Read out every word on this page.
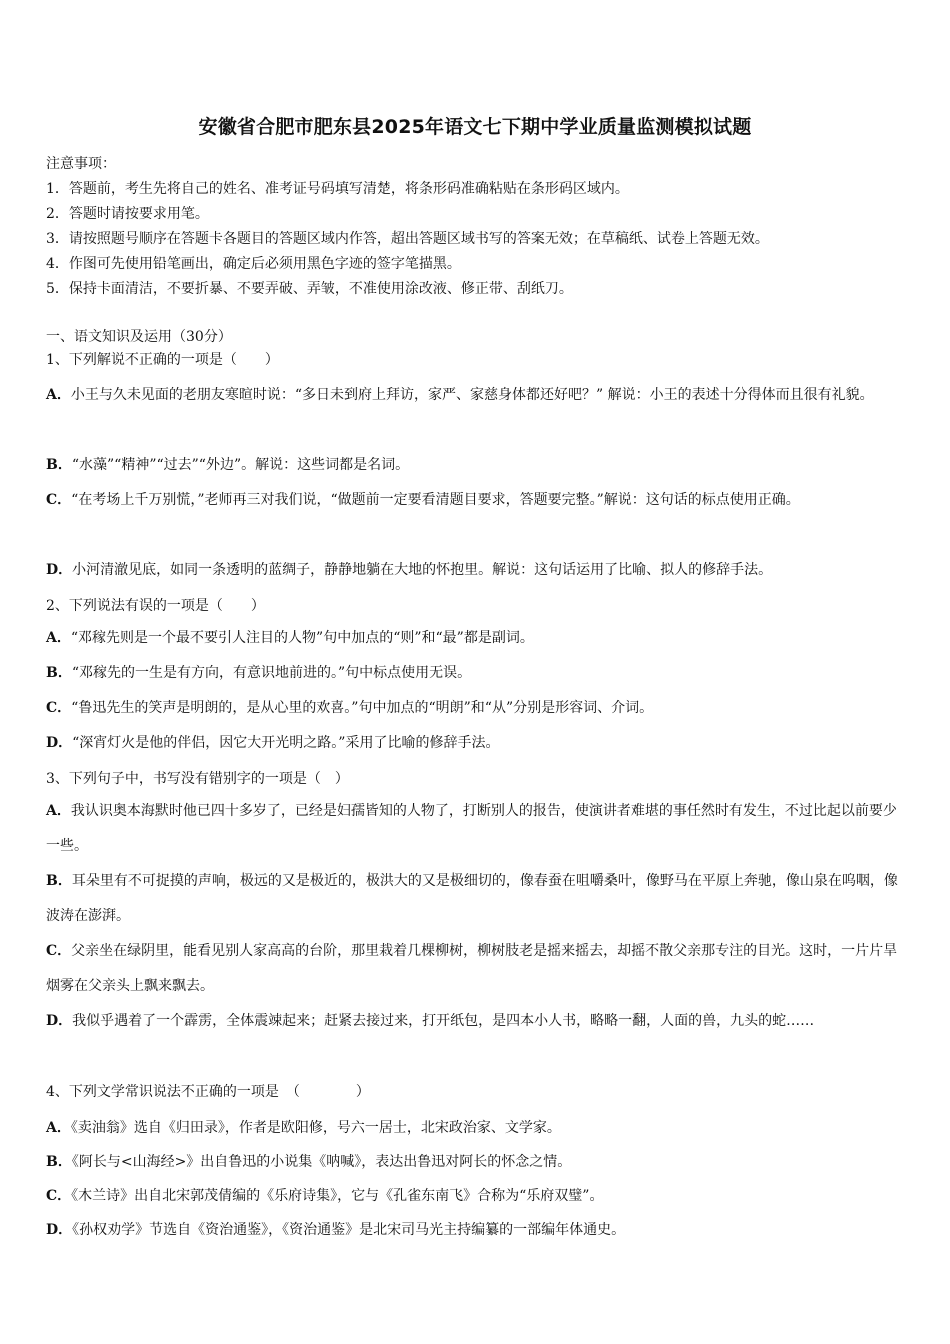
安徽省合肥市肥东县2025年语文七下期中学业质量监测模拟试题
注意事项：
1．答题前，考生先将自己的姓名、准考证号码填写清楚，将条形码准确粘贴在条形码区域内。
2．答题时请按要求用笔。
3．请按照题号顺序在答题卡各题目的答题区域内作答，超出答题区域书写的答案无效；在草稿纸、试卷上答题无效。
4．作图可先使用铅笔画出，确定后必须用黑色字迹的签字笔描黑。
5．保持卡面清洁，不要折暴、不要弄破、弄皱，不准使用涂改液、修正带、刮纸刀。
一、语文知识及运用（30分）
1、下列解说不正确的一项是（　　）
A．小王与久未见面的老朋友寒暄时说：“多日未到府上拜访，家严、家慈身体都还好吧？” 解说：小王的表述十分得体而且很有礼貌。
B．“水藻”“精神”“过去”“外边”。解说：这些词都是名词。
C．“在考场上千万别慌，”老师再三对我们说，“做题前一定要看清题目要求，答题要完整。”解说：这句话的标点使用正确。
D．小河清澈见底，如同一条透明的蓝绸子，静静地躺在大地的怀抱里。解说：这句话运用了比喻、拟人的修辞手法。
2、下列说法有误的一项是（　　）
A．“邓稼先则是一个最不要引人注目的人物”句中加点的“则”和“最”都是副词。
B．“邓稼先的一生是有方向，有意识地前进的。”句中标点使用无误。
C．“鲁迅先生的笑声是明朗的，是从心里的欢喜。”句中加点的“明朗”和“从”分别是形容词、介词。
D．“深宵灯火是他的伴侣，因它大开光明之路。”采用了比喻的修辞手法。
3、下列句子中，书写没有错别字的一项是（　）
A．我认识奥本海默时他已四十多岁了，已经是妇孺皆知的人物了，打断别人的报告，使演讲者难堪的事任然时有发生，不过比起以前要少一些。
B．耳朵里有不可捉摸的声响，极远的又是极近的，极洪大的又是极细切的，像春蚕在咀嚼桑叶，像野马在平原上奔驰，像山泉在呜咽，像波涛在澎湃。
C．父亲坐在绿阴里，能看见别人家高高的台阶，那里栽着几棵柳树，柳树肢老是摇来摇去，却摇不散父亲那专注的目光。这时，一片片旱烟雾在父亲头上飘来飘去。
D．我似乎遇着了一个霹雳，全体震竦起来；赶紧去接过来，打开纸包，是四本小人书，略略一翻，人面的兽，九头的蛇……
4、下列文学常识说法不正确的一项是　（　　　　）
A．《卖油翁》选自《归田录》，作者是欧阳修，号六一居士，北宋政治家、文学家。
B．《阿长与<山海经>》出自鲁迅的小说集《呐喊》，表达出鲁迅对阿长的怀念之情。
C．《木兰诗》出自北宋郭茂倩编的《乐府诗集》，它与《孔雀东南飞》合称为“乐府双璧”。
D．《孙权劝学》节选自《资治通鉴》，《资治通鉴》是北宋司马光主持编纂的一部编年体通史。
